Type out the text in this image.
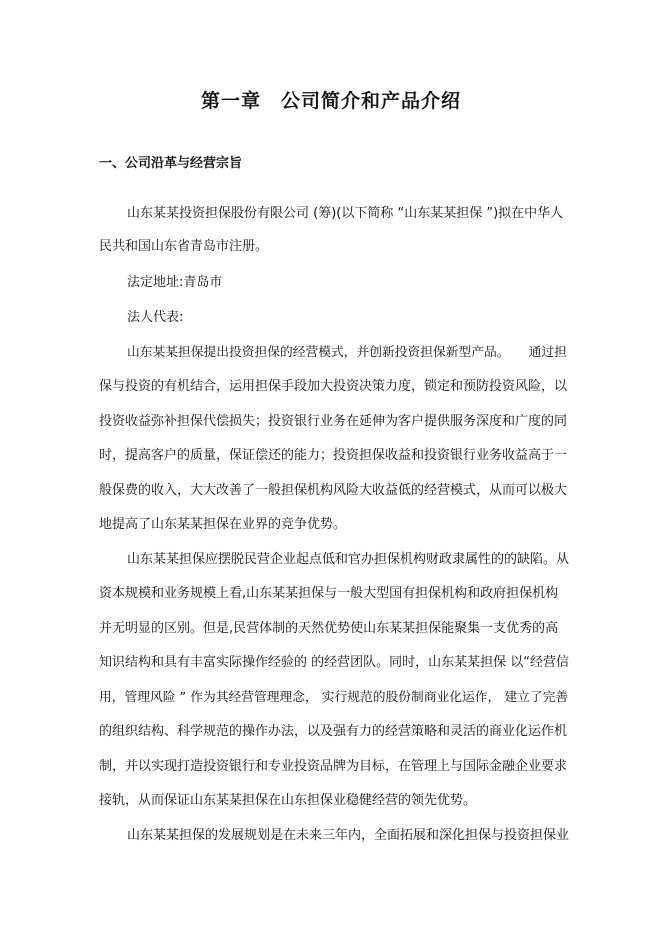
第一章　公司简介和产品介绍
一、公司沿革与经营宗旨

山东某某投资担保股份有限公司 (筹)(以下简称 “山东某某担保 ”)拟在中华人

民共和国山东省青岛市注册。

法定地址:青岛市

法人代表:

山东某某担保提出投资担保的经营模式，并创新投资担保新型产品。　　通过担

保与投资的有机结合，运用担保手段加大投资决策力度，锁定和预防投资风险，以

投资收益弥补担保代偿损失；投资银行业务在延伸为客户提供服务深度和广度的同

时，提高客户的质量，保证偿还的能力；投资担保收益和投资银行业务收益高于一

般保费的收入，大大改善了一般担保机构风险大收益低的经营模式，从而可以极大

地提高了山东某某担保在业界的竞争优势。

山东某某担保应摆脱民营企业起点低和官办担保机构财政隶属性的的缺陷。从

资本规模和业务规模上看,山东某某担保与一般大型国有担保机构和政府担保机构

并无明显的区别。但是,民营体制的天然优势使山东某某担保能聚集一支优秀的高

知识结构和具有丰富实际操作经验的 的经营团队。同时，山东某某担保 以“经营信

用，管理风险 ” 作为其经营管理理念， 实行规范的股份制商业化运作， 建立了完善

的组织结构、科学规范的操作办法，以及强有力的经营策略和灵活的商业化运作机

制，并以实现打造投资银行和专业投资品牌为目标，在管理上与国际金融企业要求

接轨，从而保证山东某某担保在山东担保业稳健经营的领先优势。

山东某某担保的发展规划是在未来三年内，全面拓展和深化担保与投资担保业
